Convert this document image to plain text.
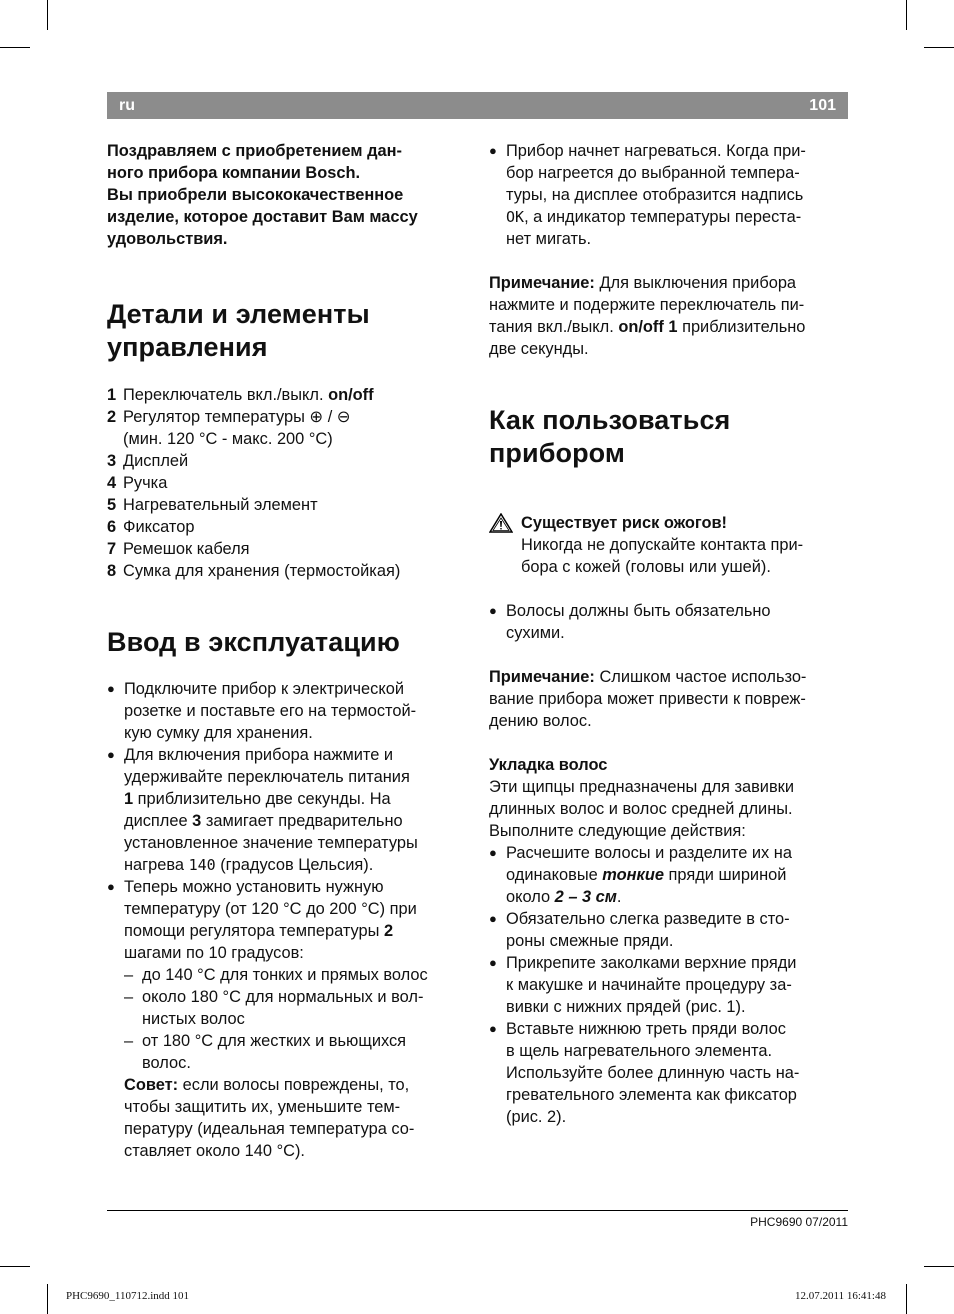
ru	101
Поздравляем с приобретением дан-
ного прибора компании Bosch.
Вы приобрели высококачественное
изделие, которое доставит Вам массу
удовольствия.
Детали и элементы
управления
1 Переключатель вкл./выкл. on/off
2 Регулятор температуры ⊕ / ⊖
(мин. 120 °C - макс. 200 °C)
3 Дисплей
4 Ручка
5 Нагревательный элемент
6 Фиксатор
7 Ремешок кабеля
8 Сумка для хранения (термостойкая)
Ввод в эксплуатацию
● Подключите прибор к электрической
розетке и поставьте его на термостой-
кую сумку для хранения.
● Для включения прибора нажмите и
удерживайте переключатель питания
1 приблизительно две секунды. На
дисплее 3 замигает предварительно
установленное значение температуры
нагрева 140 (градусов Цельсия).
● Теперь можно установить нужную
температуру (от 120 °C до 200 °C) при
помощи регулятора температуры 2
шагами по 10 градусов:
– до 140 °C для тонких и прямых волос
– около 180 °C для нормальных и вол-
нистых волос
– от 180 °C для жестких и вьющихся
волос.
Совет: если волосы повреждены, то,
чтобы защитить их, уменьшите тем-
пературу (идеальная температура со-
ставляет около 140 °C).
● Прибор начнет нагреваться. Когда при-
бор нагреется до выбранной темпера-
туры, на дисплее отобразится надпись
OK, а индикатор температуры переста-
нет мигать.
Примечание: Для выключения прибора
нажмите и подержите переключатель пи-
тания вкл./выкл. on/off 1 приблизительно
две секунды.
Как пользоваться
прибором
Существует риск ожогов!
Никогда не допускайте контакта при-
бора с кожей (головы или ушей).
● Волосы должны быть обязательно
сухими.
Примечание: Слишком частое использо-
вание прибора может привести к повреж-
дению волос.
Укладка волос
Эти щипцы предназначены для завивки
длинных волос и волос средней длины.
Выполните следующие действия:
● Расчешите волосы и разделите их на
одинаковые тонкие пряди шириной
около 2 – 3 см.
● Обязательно слегка разведите в сто-
роны смежные пряди.
● Прикрепите заколками верхние пряди
к макушке и начинайте процедуру за-
вивки с нижних прядей (рис. 1).
● Вставьте нижнюю треть пряди волос
в щель нагревательного элемента.
Используйте более длинную часть на-
гревательного элемента как фиксатор
(рис. 2).
PHC9690 07/2011
PHC9690_110712.indd 101	12.07.2011 16:41:48
